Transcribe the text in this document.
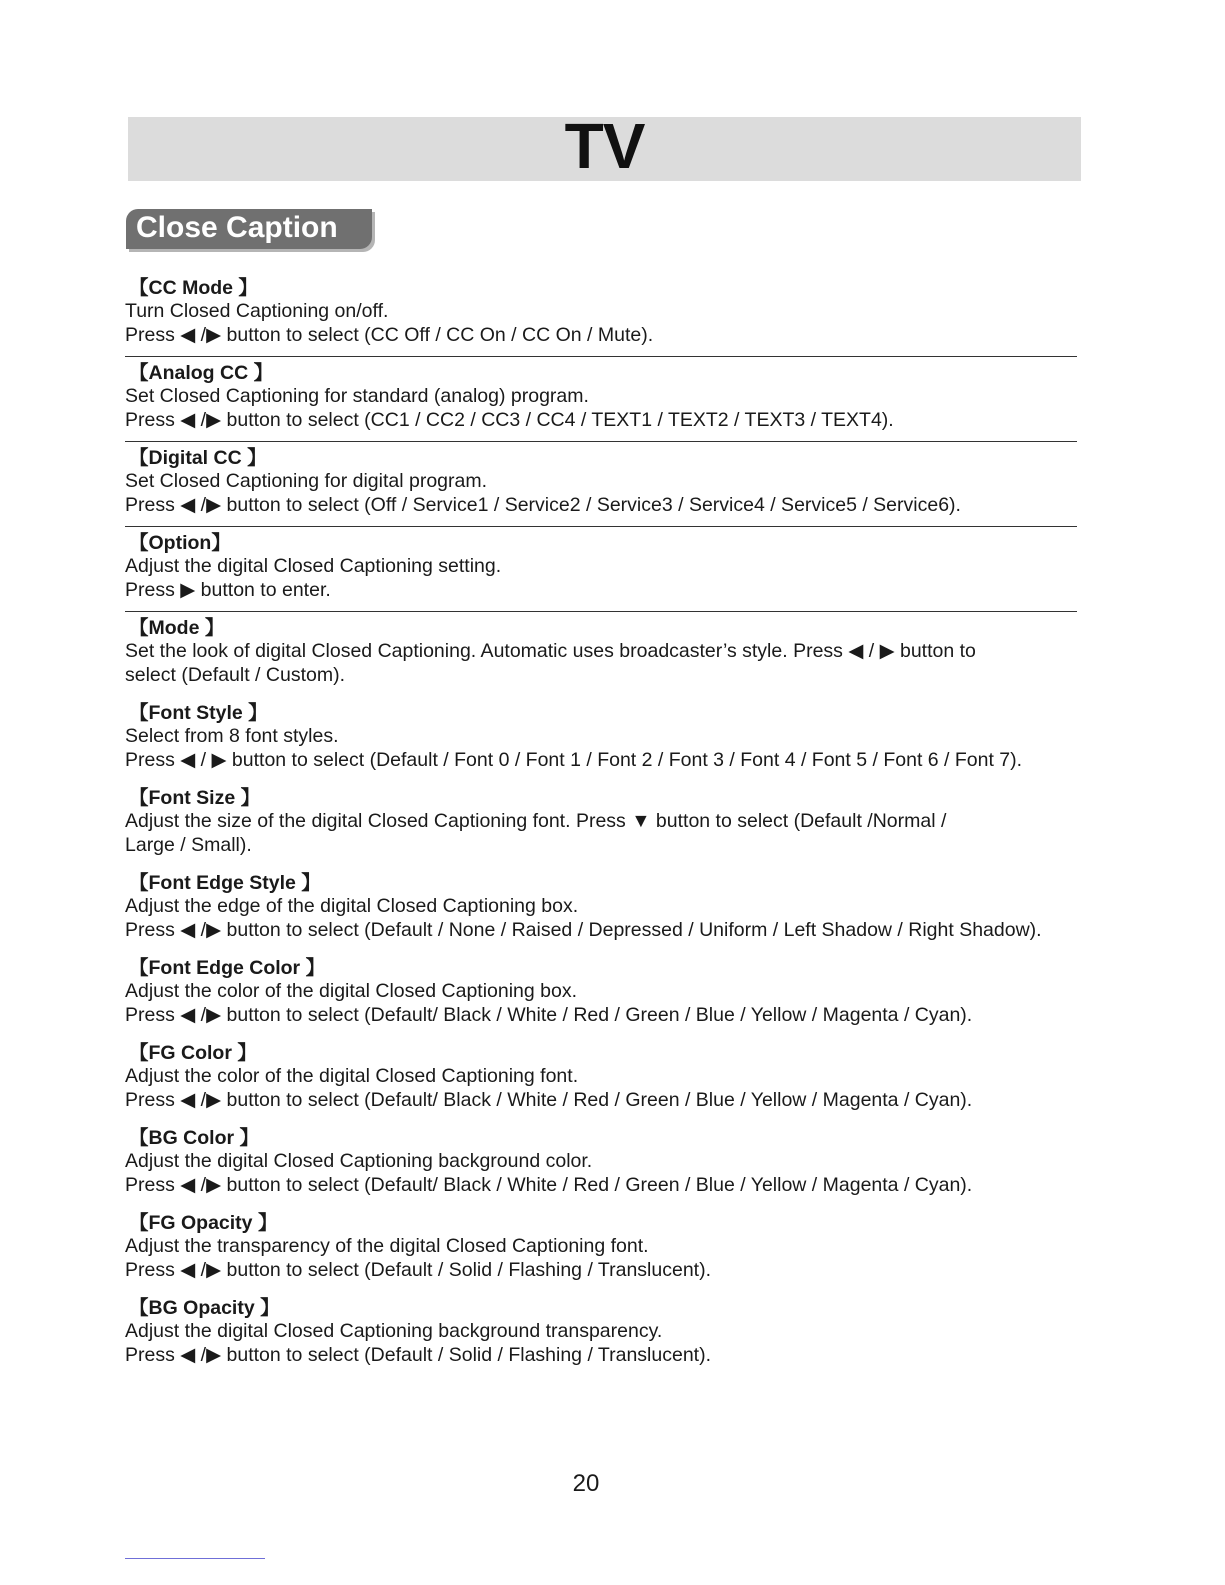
TV
Close Caption
【CC Mode 】
Turn Closed Captioning on/off.
Press ◀ /▶ button to select (CC Off / CC On / CC On / Mute).
【Analog CC 】
Set Closed Captioning for standard (analog) program.
Press ◀ /▶ button to select (CC1 / CC2 / CC3 / CC4 / TEXT1 / TEXT2 / TEXT3 / TEXT4).
【Digital CC 】
Set Closed Captioning for digital program.
Press ◀ /▶ button to select (Off / Service1 / Service2 / Service3 / Service4 / Service5 / Service6).
【Option】
Adjust the digital Closed Captioning setting.
Press ▶ button to enter.
【Mode 】
Set the look of digital Closed Captioning. Automatic uses broadcaster’s style. Press ◀ / ▶ button to
select (Default / Custom).
【Font Style 】
Select from 8 font styles.
Press ◀ / ▶ button to select (Default / Font 0 / Font 1 / Font 2 / Font 3 / Font 4 / Font 5 / Font 6 / Font 7).
【Font Size 】
Adjust the size of the digital Closed Captioning font. Press ▼ button to select (Default /Normal /
Large / Small).
【Font Edge Style 】
Adjust the edge of the digital Closed Captioning box.
Press ◀ /▶ button to select (Default / None / Raised / Depressed / Uniform / Left Shadow / Right Shadow).
【Font Edge Color 】
Adjust the color of the digital Closed Captioning box.
Press ◀ /▶ button to select (Default/ Black / White / Red / Green / Blue / Yellow / Magenta / Cyan).
【FG Color 】
Adjust the color of the digital Closed Captioning font.
Press ◀ /▶ button to select (Default/ Black / White / Red / Green / Blue / Yellow / Magenta / Cyan).
【BG Color 】
Adjust the digital Closed Captioning background color.
Press ◀ /▶ button to select (Default/ Black / White / Red / Green / Blue / Yellow / Magenta / Cyan).
【FG Opacity 】
Adjust the transparency of the digital Closed Captioning font.
Press ◀ /▶ button to select (Default / Solid / Flashing / Translucent).
【BG Opacity 】
Adjust the digital Closed Captioning background transparency.
Press ◀ /▶ button to select (Default / Solid / Flashing / Translucent).
20
